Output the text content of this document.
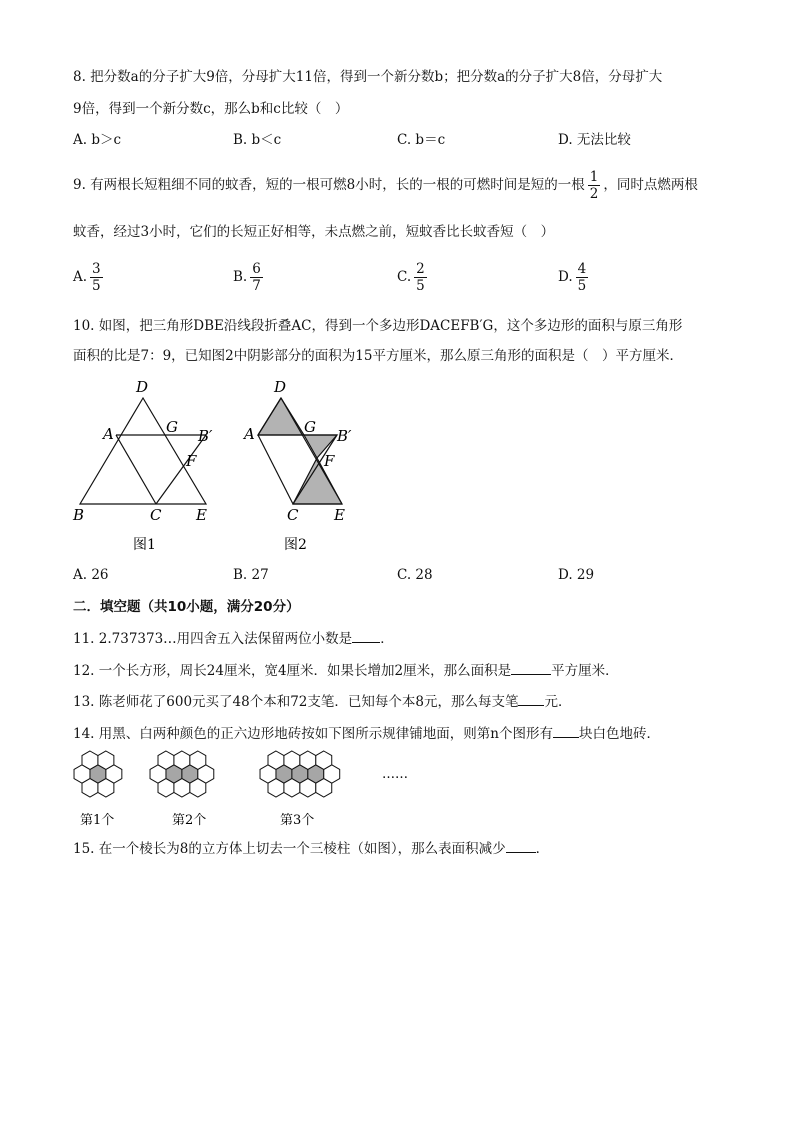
8. 把分数a的分子扩大9倍，分母扩大11倍，得到一个新分数b；把分数a的分子扩大8倍，分母扩大
9倍，得到一个新分数c，那么b和c比较（　）
A. b＞c	B. b＜c	C. b＝c	D. 无法比较
9. 有两根长短粗细不同的蚊香，短的一根可燃8小时，长的一根的可燃时间是短的一根 $\frac{1}{2}$ ，同时点燃两根
蚊香，经过3小时，它们的长短正好相等，未点燃之前，短蚊香比长蚊香短（　）
A. $\frac{3}{5}$	B. $\frac{6}{7}$	C. $\frac{2}{5}$	D. $\frac{4}{5}$
10. 如图，把三角形DBE沿线段折叠AC，得到一个多边形DACEFB′G，这个多边形的面积与原三角形
面积的比是7：9，已知图2中阴影部分的面积为15平方厘米，那么原三角形的面积是（　）平方厘米．
D
A	G B′
F
B	C E
图1
D
A	G B′
F
C E
图2
A. 26	B. 27	C. 28	D. 29
二．填空题（共10小题，满分20分）
11. 2.737373…用四舍五入法保留两位小数是 ．
12. 一个长方形，周长24厘米，宽4厘米．如果长增加2厘米，那么面积是	平方厘米．
13. 陈老师花了600元买了48个本和72支笔．已知每个本8元，那么每支笔 元．
14. 用黑、白两种颜色的正六边形地砖按如下图所示规律铺地面，则第n个图形有 块白色地砖．
第1个	第2个	第3个
……
15. 在一个棱长为8的立方体上切去一个三棱柱（如图），那么表面积减少 ．
